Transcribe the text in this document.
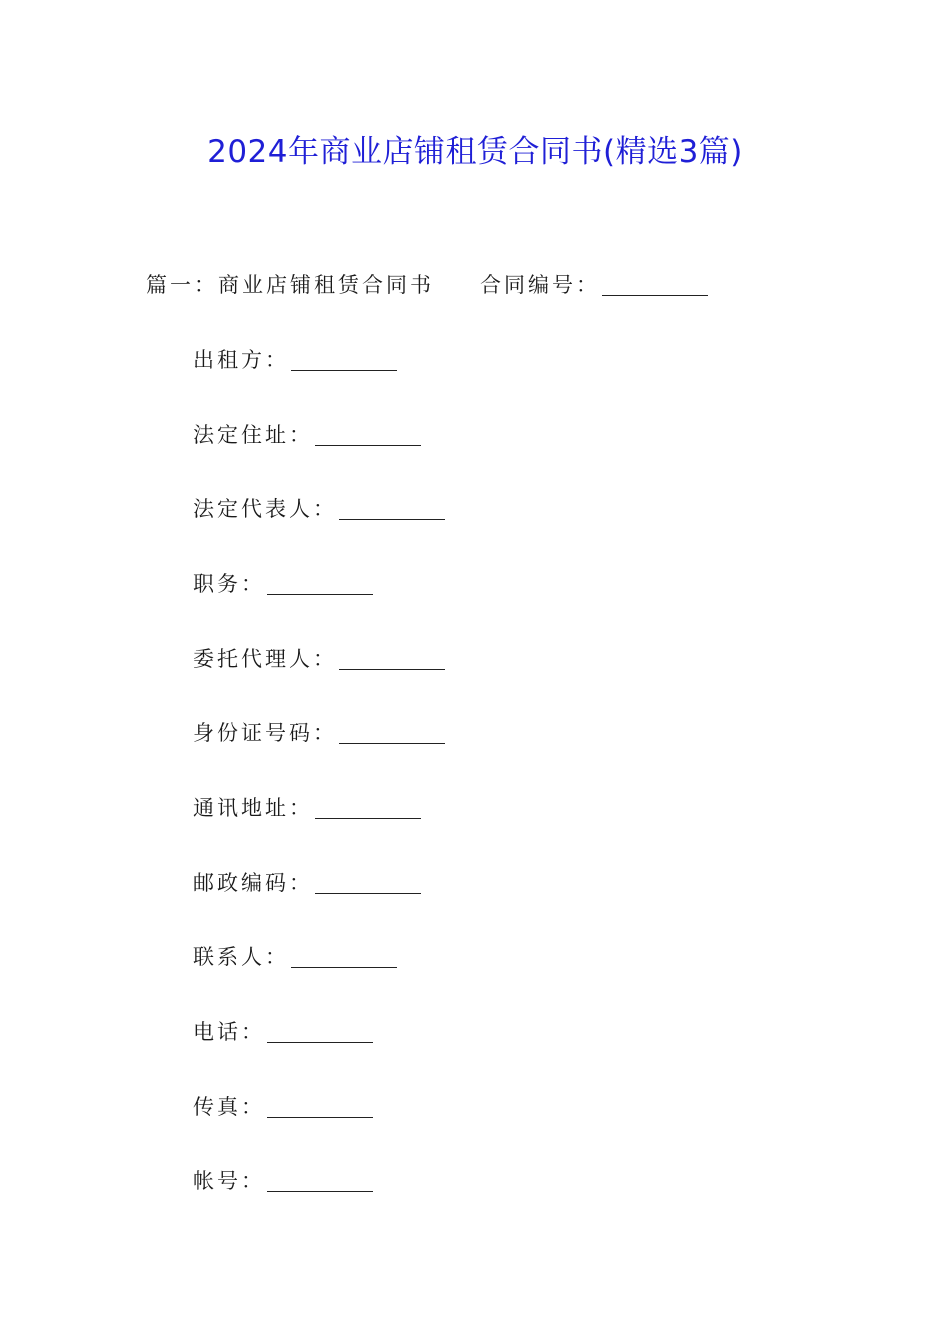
2024年商业店铺租赁合同书(精选3篇)
篇一：商业店铺租赁合同书 合同编号：
出租方：
法定住址：
法定代表人：
职务：
委托代理人：
身份证号码：
通讯地址：
邮政编码：
联系人：
电话：
传真：
帐号：
